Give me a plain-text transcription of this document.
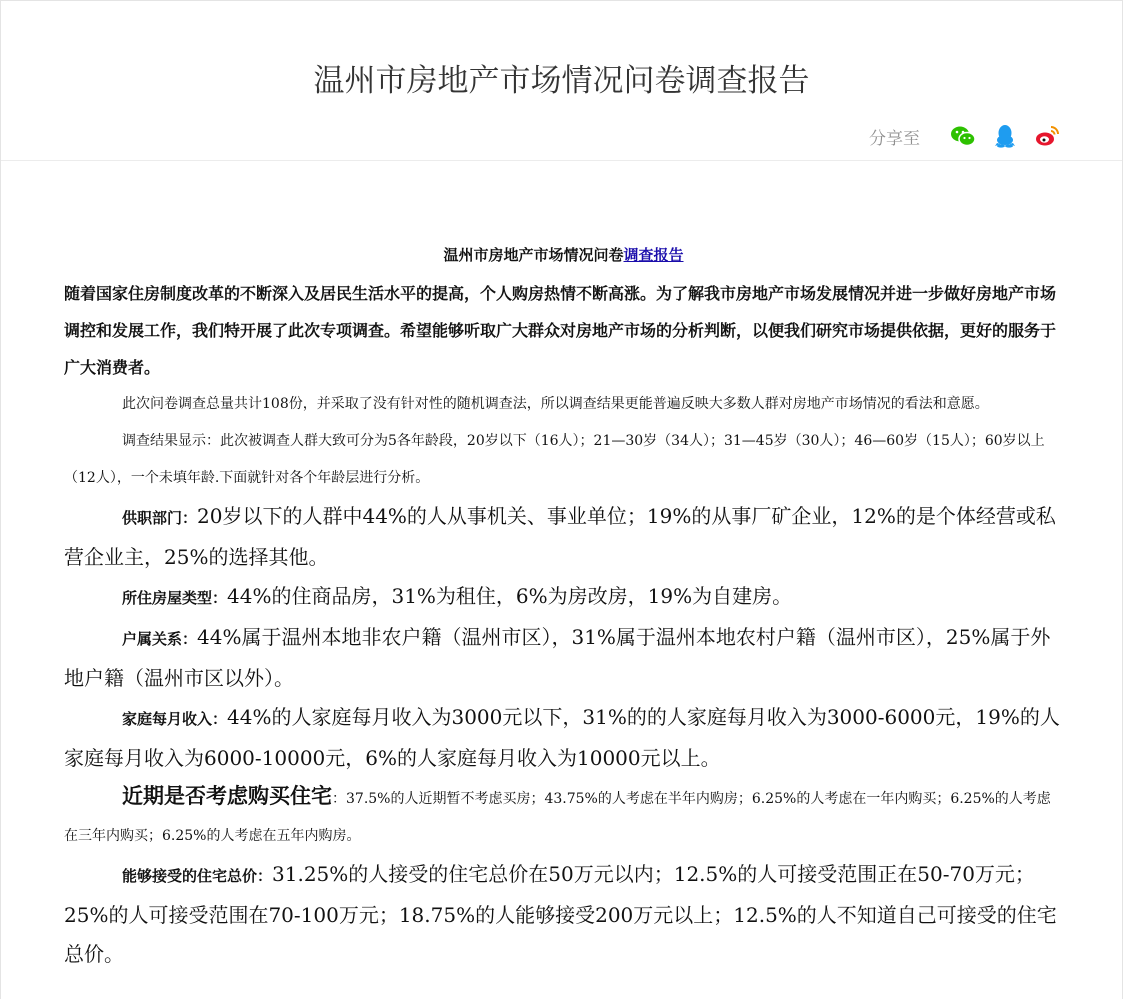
温州市房地产市场情况问卷调查报告
分享至

温州市房地产市场情况问卷调查报告

随着国家住房制度改革的不断深入及居民生活水平的提高，个人购房热情不断高涨。为了解我市房地产市场发展情况并进一步做好房地产市场调控和发展工作，我们特开展了此次专项调查。希望能够听取广大群众对房地产市场的分析判断，以便我们研究市场提供依据，更好的服务于广大消费者。

此次问卷调查总量共计108份，并采取了没有针对性的随机调查法，所以调查结果更能普遍反映大多数人群对房地产市场情况的看法和意愿。

调查结果显示：此次被调查人群大致可分为5各年龄段，20岁以下（16人）；21—30岁（34人）；31—45岁（30人）；46—60岁（15人）；60岁以上（12人），一个未填年龄.下面就针对各个年龄层进行分析。

供职部门：20岁以下的人群中44%的人从事机关、事业单位；19%的从事厂矿企业，12%的是个体经营或私营企业主，25%的选择其他。

所住房屋类型：44%的住商品房，31%为租住，6%为房改房，19%为自建房。

户属关系：44%属于温州本地非农户籍（温州市区），31%属于温州本地农村户籍（温州市区），25%属于外地户籍（温州市区以外）。

家庭每月收入：44%的人家庭每月收入为3000元以下，31%的的人家庭每月收入为3000-6000元，19%的人家庭每月收入为6000-10000元，6%的人家庭每月收入为10000元以上。

近期是否考虑购买住宅：37.5%的人近期暂不考虑买房；43.75%的人考虑在半年内购房；6.25%的人考虑在一年内购买；6.25%的人考虑在三年内购买；6.25%的人考虑在五年内购房。

能够接受的住宅总价：31.25%的人接受的住宅总价在50万元以内；12.5%的人可接受范围正在50-70万元；25%的人可接受范围在70-100万元；18.75%的人能够接受200万元以上；12.5%的人不知道自己可接受的住宅总价。
